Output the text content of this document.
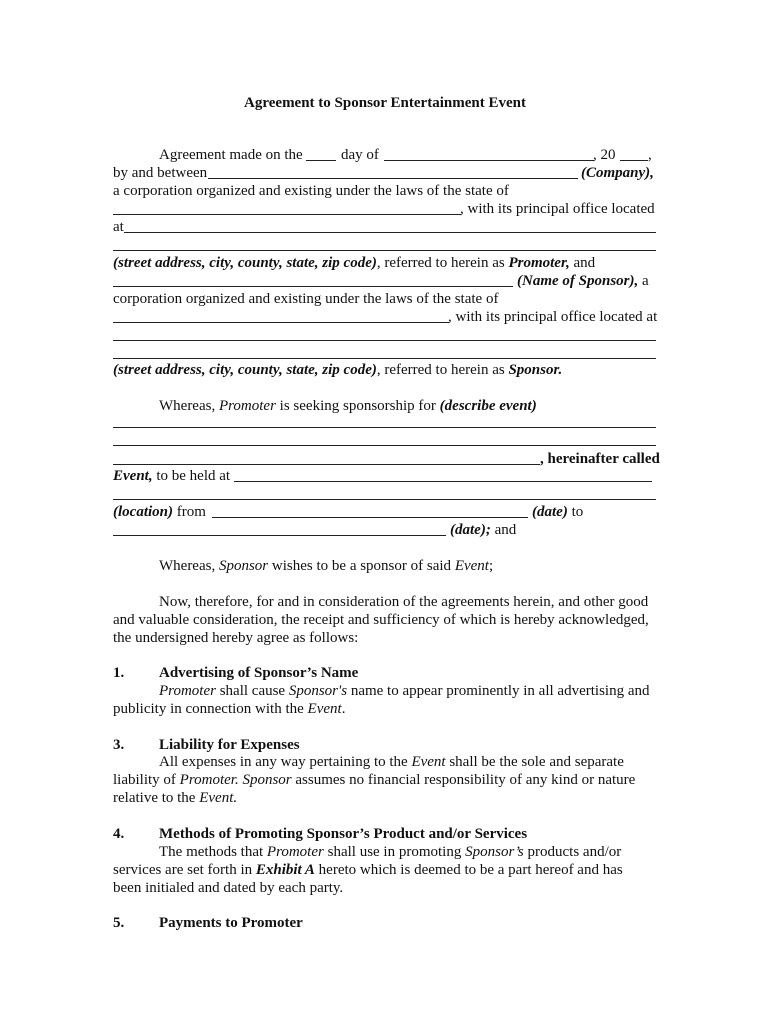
Agreement to Sponsor Entertainment Event
Agreement made on the	day of	, 20 ,
by and between	(Company),
a corporation organized and existing under the laws of the state of
, with its principal office located
at
(street address, city, county, state, zip code), referred to herein as Promoter, and
(Name of Sponsor), a
corporation organized and existing under the laws of the state of
, with its principal office located at
(street address, city, county, state, zip code), referred to herein as Sponsor.
Whereas, Promoter is seeking sponsorship for (describe event)
, hereinafter called
Event, to be held at
(location) from	(date) to
(date); and
Whereas, Sponsor wishes to be a sponsor of said Event;
Now, therefore, for and in consideration of the agreements herein, and other good
and valuable consideration, the receipt and sufficiency of which is hereby acknowledged,
the undersigned hereby agree as follows:
1. Advertising of Sponsor’s Name
Promoter shall cause Sponsor's name to appear prominently in all advertising and
publicity in connection with the Event.
3. Liability for Expenses
All expenses in any way pertaining to the Event shall be the sole and separate
liability of Promoter. Sponsor assumes no financial responsibility of any kind or nature
relative to the Event.
4. Methods of Promoting Sponsor’s Product and/or Services
The methods that Promoter shall use in promoting Sponsor’s products and/or
services are set forth in Exhibit A hereto which is deemed to be a part hereof and has
been initialed and dated by each party.
5. Payments to Promoter
